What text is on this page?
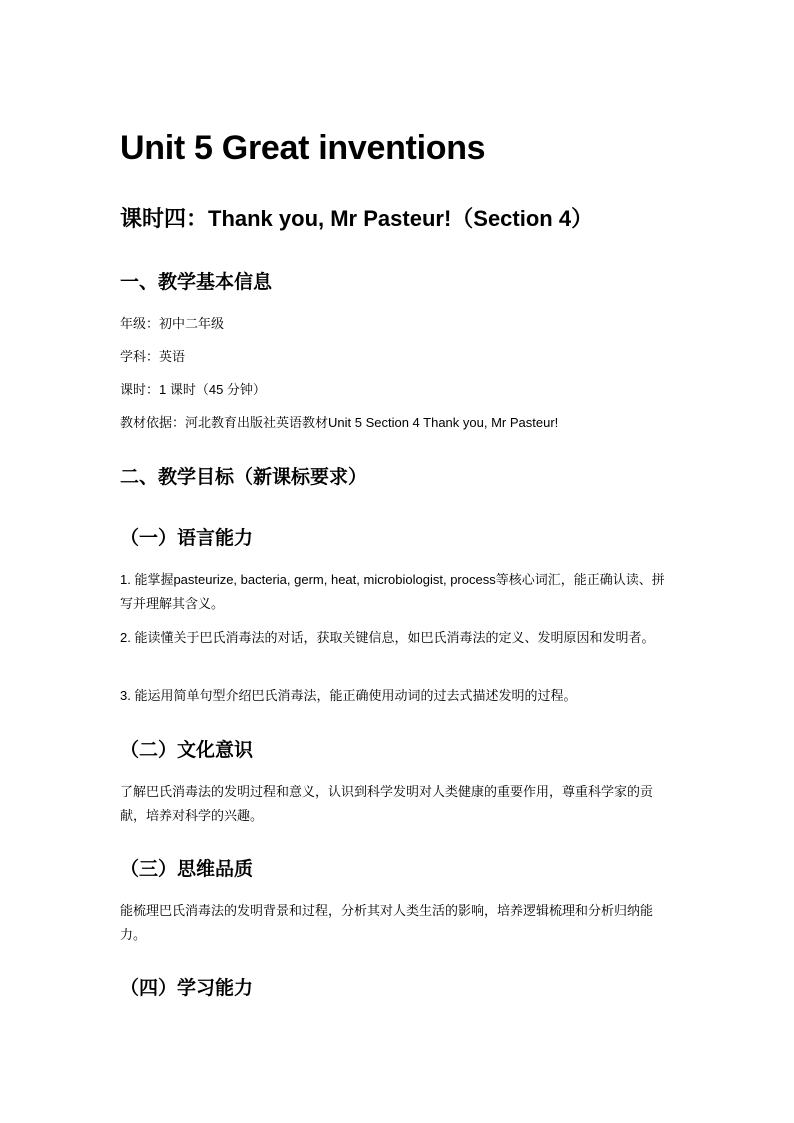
Unit 5 Great inventions
课时四：Thank you, Mr Pasteur!（Section 4）
一、教学基本信息

年级：初中二年级

学科：英语

课时：1 课时（45 分钟）

教材依据：河北教育出版社英语教材Unit 5 Section 4 Thank you, Mr Pasteur!

二、教学目标（新课标要求）
（一）语言能力

1. 能掌握pasteurize, bacteria, germ, heat, microbiologist, process等核心词汇，能正确认读、拼写并理解其含义。

2. 能读懂关于巴氏消毒法的对话，获取关键信息，如巴氏消毒法的定义、发明原因和发明者。

3. 能运用简单句型介绍巴氏消毒法，能正确使用动词的过去式描述发明的过程。

（二）文化意识

了解巴氏消毒法的发明过程和意义，认识到科学发明对人类健康的重要作用，尊重科学家的贡献，培养对科学的兴趣。

（三）思维品质

能梳理巴氏消毒法的发明背景和过程，分析其对人类生活的影响，培养逻辑梳理和分析归纳能力。

（四）学习能力
